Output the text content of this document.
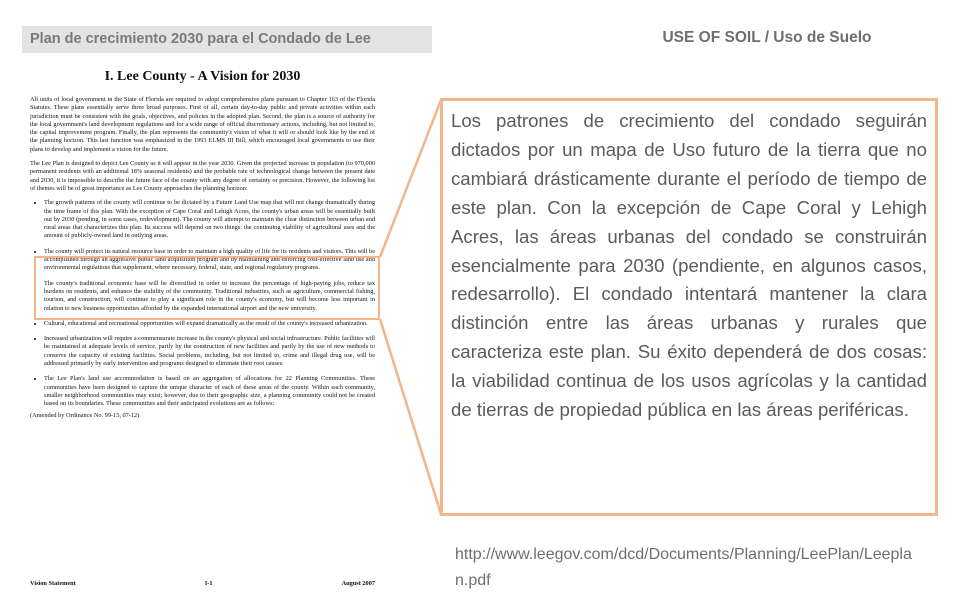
Plan de crecimiento 2030 para el Condado de Lee	USE OF SOIL / Uso de Suelo
I. Lee County - A Vision for 2030

All units of local government in the State of Florida are required to adopt comprehensive plans pursuant to Chapter 163 of the Florida Statutes. These plans essentially serve three broad purposes. First of all, certain day-to-day public and private activities within each jurisdiction must be consistent with the goals, objectives, and policies in the adopted plan. Second, the plan is a source of authority for the local government's land development regulations and for a wide range of official discretionary actions, including, but not limited to, the capital improvement program. Finally, the plan represents the community's vision of what it will or should look like by the end of the planning horizon. This last function was emphasized in the 1993 ELMS III Bill, which encouraged local governments to use their plans to develop and implement a vision for the future.

The Lee Plan is designed to depict Lee County as it will appear in the year 2030. Given the projected increase in population (to 970,000 permanent residents with an additional 18% seasonal residents) and the probable rate of technological change between the present date and 2030, it is impossible to describe the future face of the county with any degree of certainty or precision. However, the following list of themes will be of great importance as Lee County approaches the planning horizon:

• The growth patterns of the county will continue to be dictated by a Future Land Use map that will not change dramatically during the time frame of this plan. With the exception of Cape Coral and Lehigh Acres, the county's urban areas will be essentially built out by 2030 (pending, in some cases, redevelopment). The county will attempt to maintain the clear distinction between urban and rural areas that characterizes this plan. Its success will depend on two things: the continuing viability of agricultural uses and the amount of publicly-owned land in outlying areas.
• The county will protect its natural resource base in order to maintain a high quality of life for its residents and visitors. This will be accomplished through an aggressive public land acquisition program and by maintaining and enforcing cost-effective land use and environmental regulations that supplement, where necessary, federal, state, and regional regulatory programs.
• The county's traditional economic base will be diversified in order to increase the percentage of high-paying jobs, reduce tax burdens on residents, and enhance the stability of the community. Traditional industries, such as agriculture, commercial fishing, tourism, and construction, will continue to play a significant role in the county's economy, but will become less important in relation to new business opportunities afforded by the expanded international airport and the new university.
• Cultural, educational and recreational opportunities will expand dramatically as the result of the county's increased urbanization.
• Increased urbanization will require a commensurate increase in the county's physical and social infrastructure. Public facilities will be maintained at adequate levels of service, partly by the construction of new facilities and partly by the use of new methods to conserve the capacity of existing facilities. Social problems, including, but not limited to, crime and illegal drug use, will be addressed primarily by early intervention and programs designed to eliminate their root causes.
• The Lee Plan's land use accommodation is based on an aggregation of allocations for 22 Planning Communities. These communities have been designed to capture the unique character of each of these areas of the county. Within each community, smaller neighborhood communities may exist; however, due to their geographic size, a planning community could not be created based on its boundaries. These communities and their anticipated evolutions are as follows:
(Amended by Ordinance No. 99-15, 07-12)
Vision Statement	I-1	August 2007
Los patrones de crecimiento del condado seguirán dictados por un mapa de Uso futuro de la tierra que no cambiará drásticamente durante el período de tiempo de este plan. Con la excepción de Cape Coral y Lehigh Acres, las áreas urbanas del condado se construirán esencialmente para 2030 (pendiente, en algunos casos, redesarrollo). El condado intentará mantener la clara distinción entre las áreas urbanas y rurales que caracteriza este plan. Su éxito dependerá de dos cosas: la viabilidad continua de los usos agrícolas y la cantidad de tierras de propiedad pública en las áreas periféricas.
http://www.leegov.com/dcd/Documents/Planning/LeePlan/Leeplan.pdf
